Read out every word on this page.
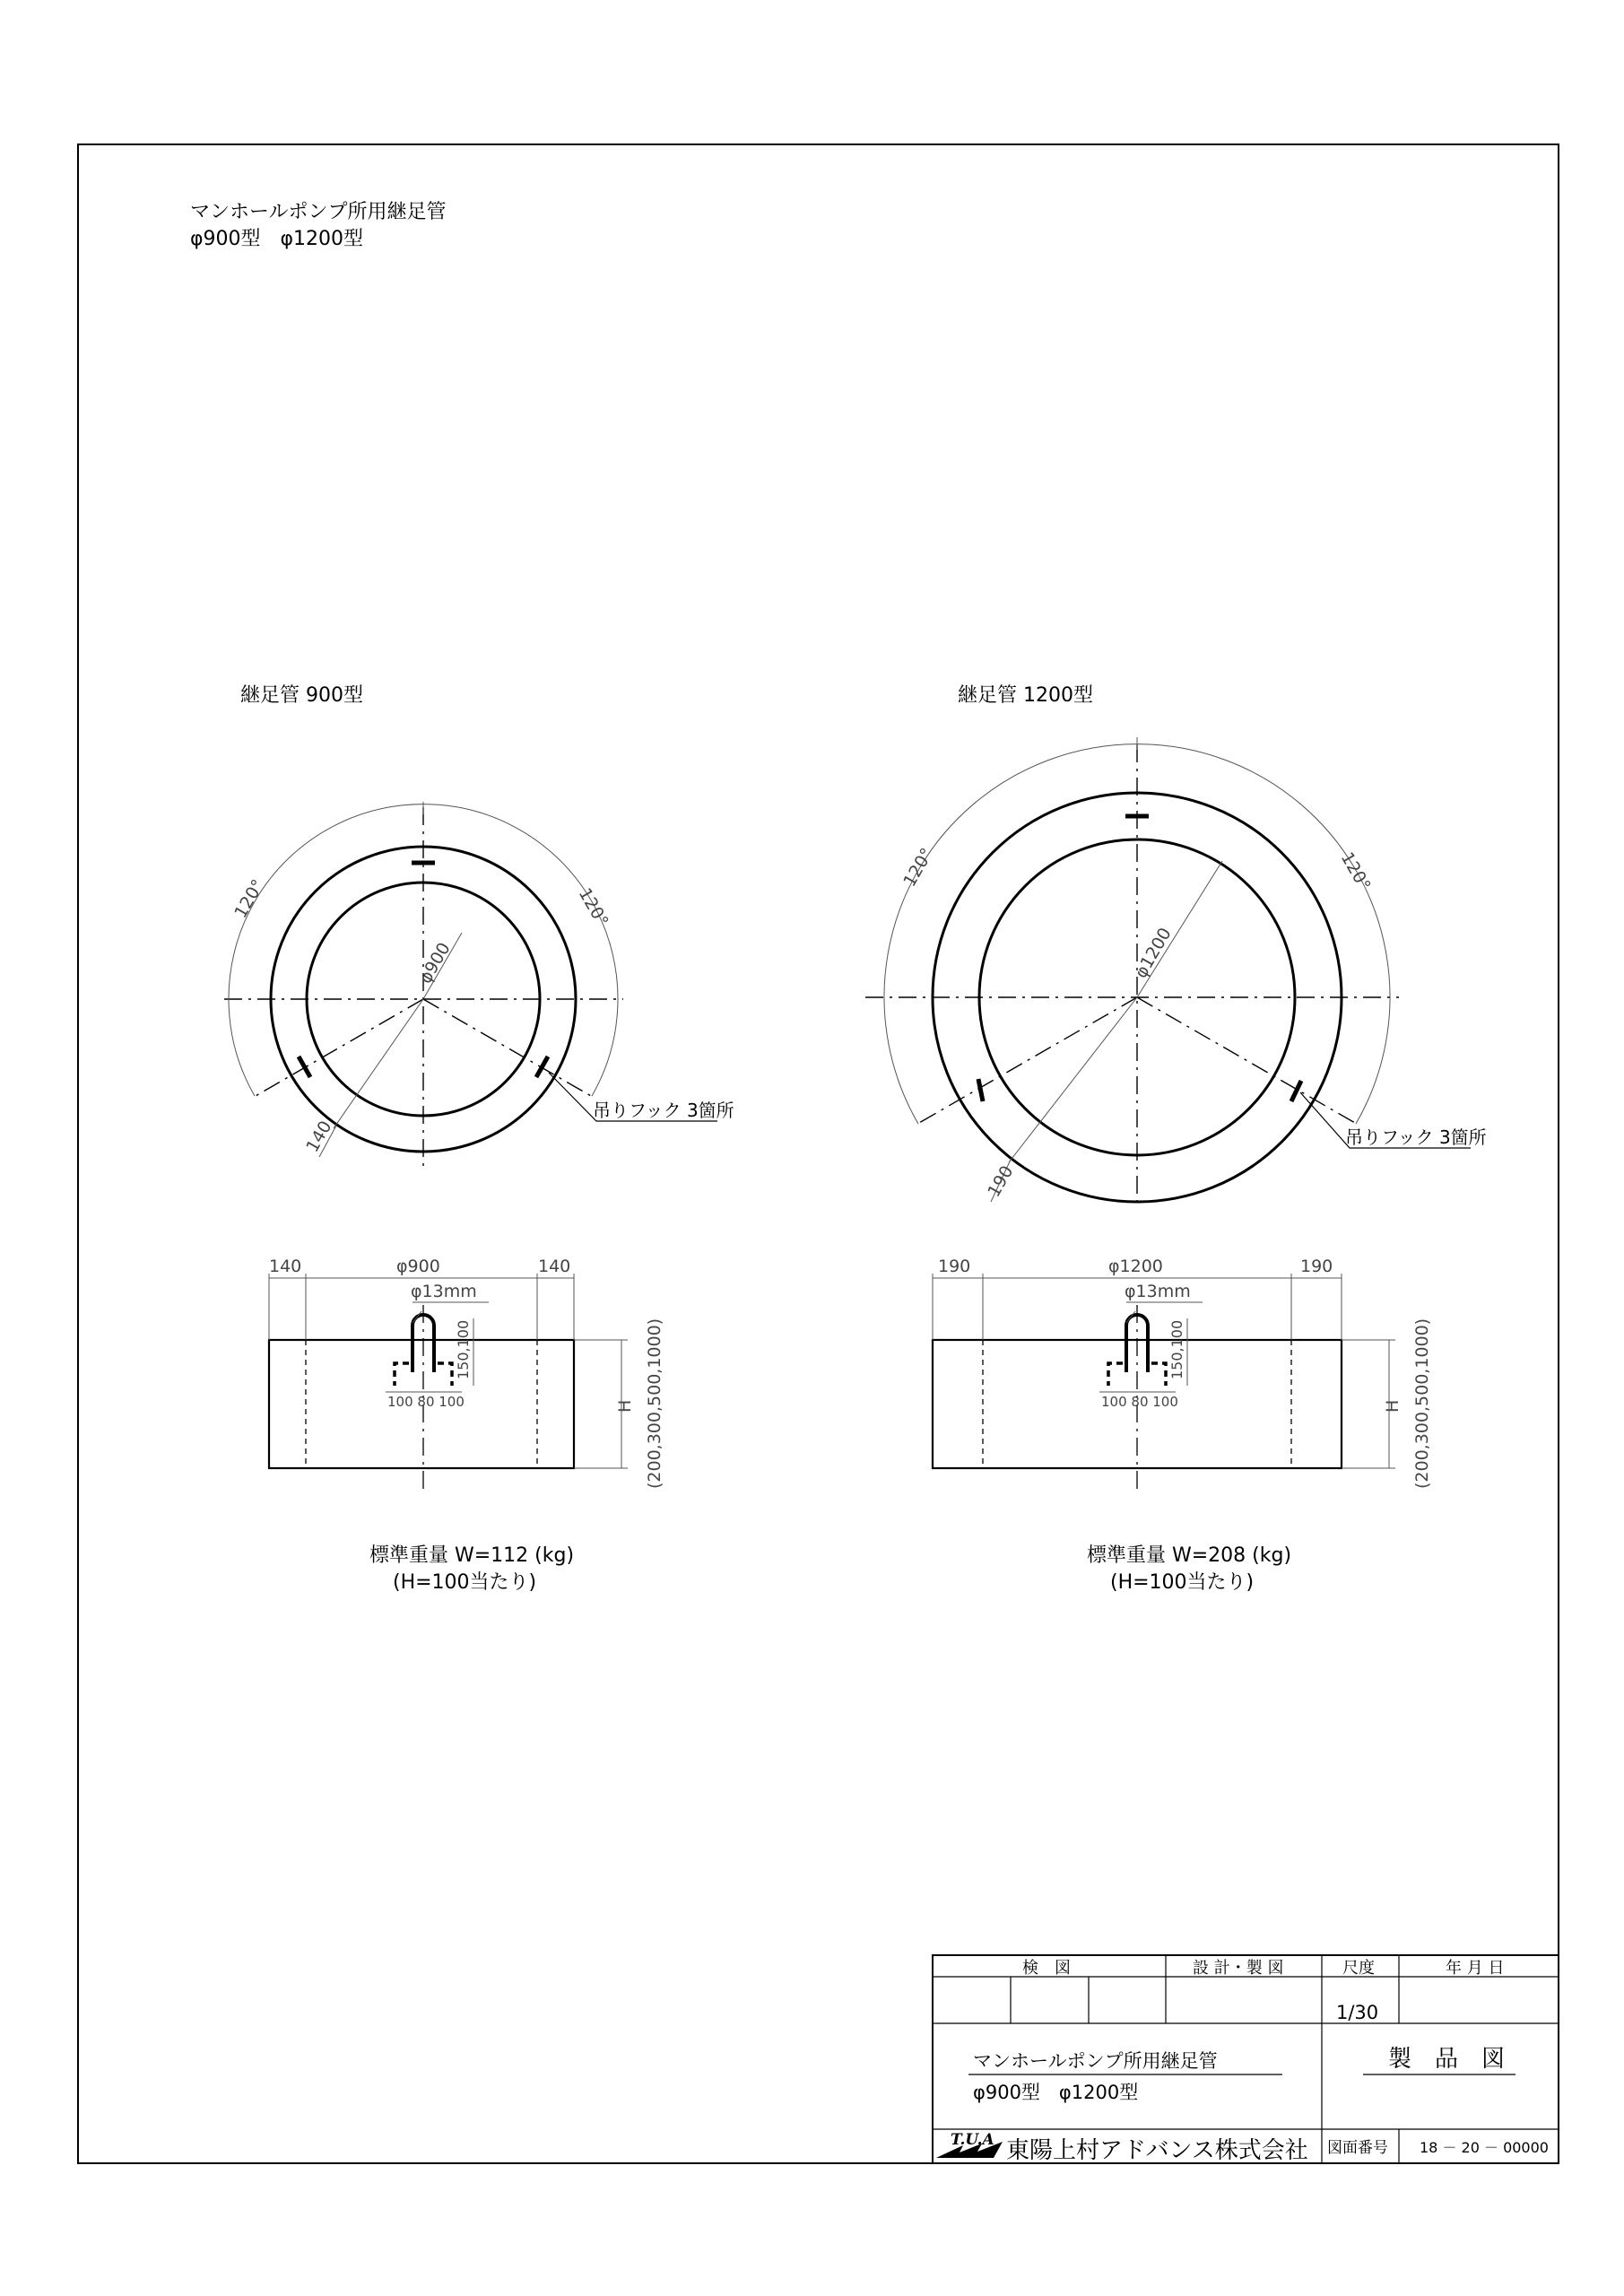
マンホールポンプ所用継足管
φ900型　φ1200型
継足管 900型	継足管 1200型
標準重量 W=112 (kg)
(H=100当たり)
標準重量 W=208 (kg)
(H=100当たり)
120°	120°
φ900
140
吊りフック 3箇所
120°	120°
φ1200
190
吊りフック 3箇所
140	φ900	140
φ13mm
150,100
100 80 100	H (200,300,500,1000)
190	φ1200	190
φ13mm
150,100
100 80 100	H (200,300,500,1000)
検　図	設 計・製 図	尺度	年 月 日
1/30
マンホールポンプ所用継足管
φ900型　φ1200型
製　品　図
T.U.A 東陽上村アドバンス株式会社 図面番号 18 － 20 － 00000
